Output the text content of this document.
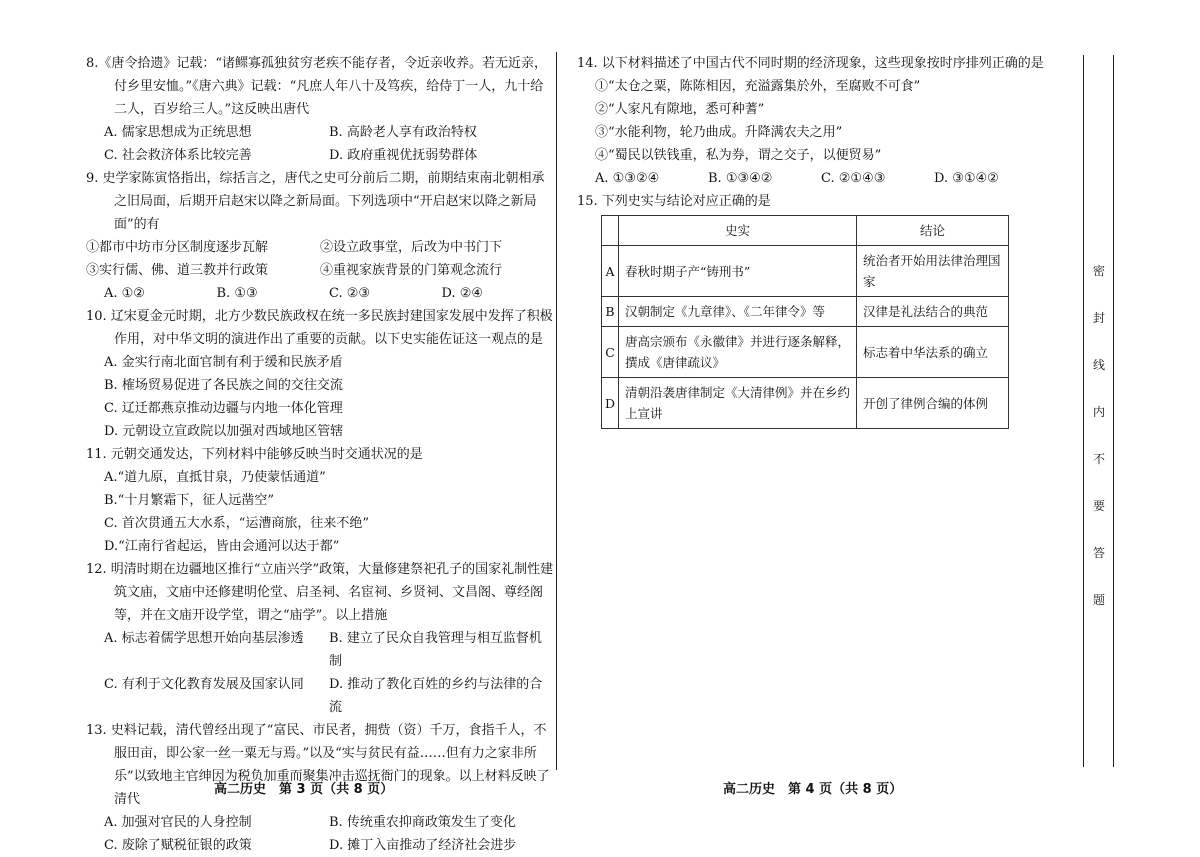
8.《唐令拾遗》记载：“诸鳏寡孤独贫穷老疾不能存者，令近亲收养。若无近亲，付乡里安恤。”《唐六典》记载：“凡庶人年八十及笃疾，给侍丁一人，九十给二人，百岁给三人。”这反映出唐代
A. 儒家思想成为正统思想	B. 高龄老人享有政治特权
C. 社会救济体系比较完善	D. 政府重视优抚弱势群体
9. 史学家陈寅恪指出，综括言之，唐代之史可分前后二期，前期结束南北朝相承之旧局面，后期开启赵宋以降之新局面。下列选项中“开启赵宋以降之新局面”的有
①都市中坊市分区制度逐步瓦解	②设立政事堂，后改为中书门下
③实行儒、佛、道三教并行政策	④重视家族背景的门第观念流行
A. ①②	B. ①③	C. ②③	D. ②④
10. 辽宋夏金元时期，北方少数民族政权在统一多民族封建国家发展中发挥了积极作用，对中华文明的演进作出了重要的贡献。以下史实能佐证这一观点的是
A. 金实行南北面官制有利于缓和民族矛盾
B. 榷场贸易促进了各民族之间的交往交流
C. 辽迁都燕京推动边疆与内地一体化管理
D. 元朝设立宣政院以加强对西域地区管辖
11. 元朝交通发达，下列材料中能够反映当时交通状况的是
A.“道九原，直抵甘泉，乃使蒙恬通道”
B.“十月繁霜下，征人远凿空”
C. 首次贯通五大水系，“运漕商旅，往来不绝”
D.“江南行省起运，皆由会通河以达于都”
12. 明清时期在边疆地区推行“立庙兴学”政策，大量修建祭祀孔子的国家礼制性建筑文庙，文庙中还修建明伦堂、启圣祠、名宦祠、乡贤祠、文昌阁、尊经阁等，并在文庙开设学堂，谓之“庙学”。以上措施
A. 标志着儒学思想开始向基层渗透	B. 建立了民众自我管理与相互监督机制
C. 有利于文化教育发展及国家认同	D. 推动了教化百姓的乡约与法律的合流
13. 史料记载，清代曾经出现了“富民、市民者，拥赀（资）千万，食指千人，不服田亩，即公家一丝一粟无与焉。”以及“实与贫民有益……但有力之家非所乐”以致地主官绅因为税负加重而聚集冲击巡抚衙门的现象。以上材料反映了清代
A. 加强对官民的人身控制	B. 传统重农抑商政策发生了变化
C. 废除了赋税征银的政策	D. 摊丁入亩推动了经济社会进步
14. 以下材料描述了中国古代不同时期的经济现象，这些现象按时序排列正确的是
①“太仓之粟，陈陈相因，充溢露集於外，至腐败不可食”
②“人家凡有隙地，悉可种蓍”
③“水能利物，轮乃曲成。升降满农夫之用”
④“蜀民以铁钱重，私为券，谓之交子，以便贸易”
A. ①③②④	B. ①③④②	C. ②①④③	D. ③①④②
15. 下列史实与结论对应正确的是
	史实	结论
A	春秋时期子产“铸刑书”	统治者开始用法律治理国家
B	汉朝制定《九章律》、《二年律令》等	汉律是礼法结合的典范
C	唐高宗颁布《永徽律》并进行逐条解释，撰成《唐律疏议》	标志着中华法系的确立
D	清朝沿袭唐律制定《大清律例》并在乡约上宣讲	开创了律例合编的体例
高二历史　第 3 页（共 8 页）	高二历史　第 4 页（共 8 页）
密
封
线
内
不
要
答
题
